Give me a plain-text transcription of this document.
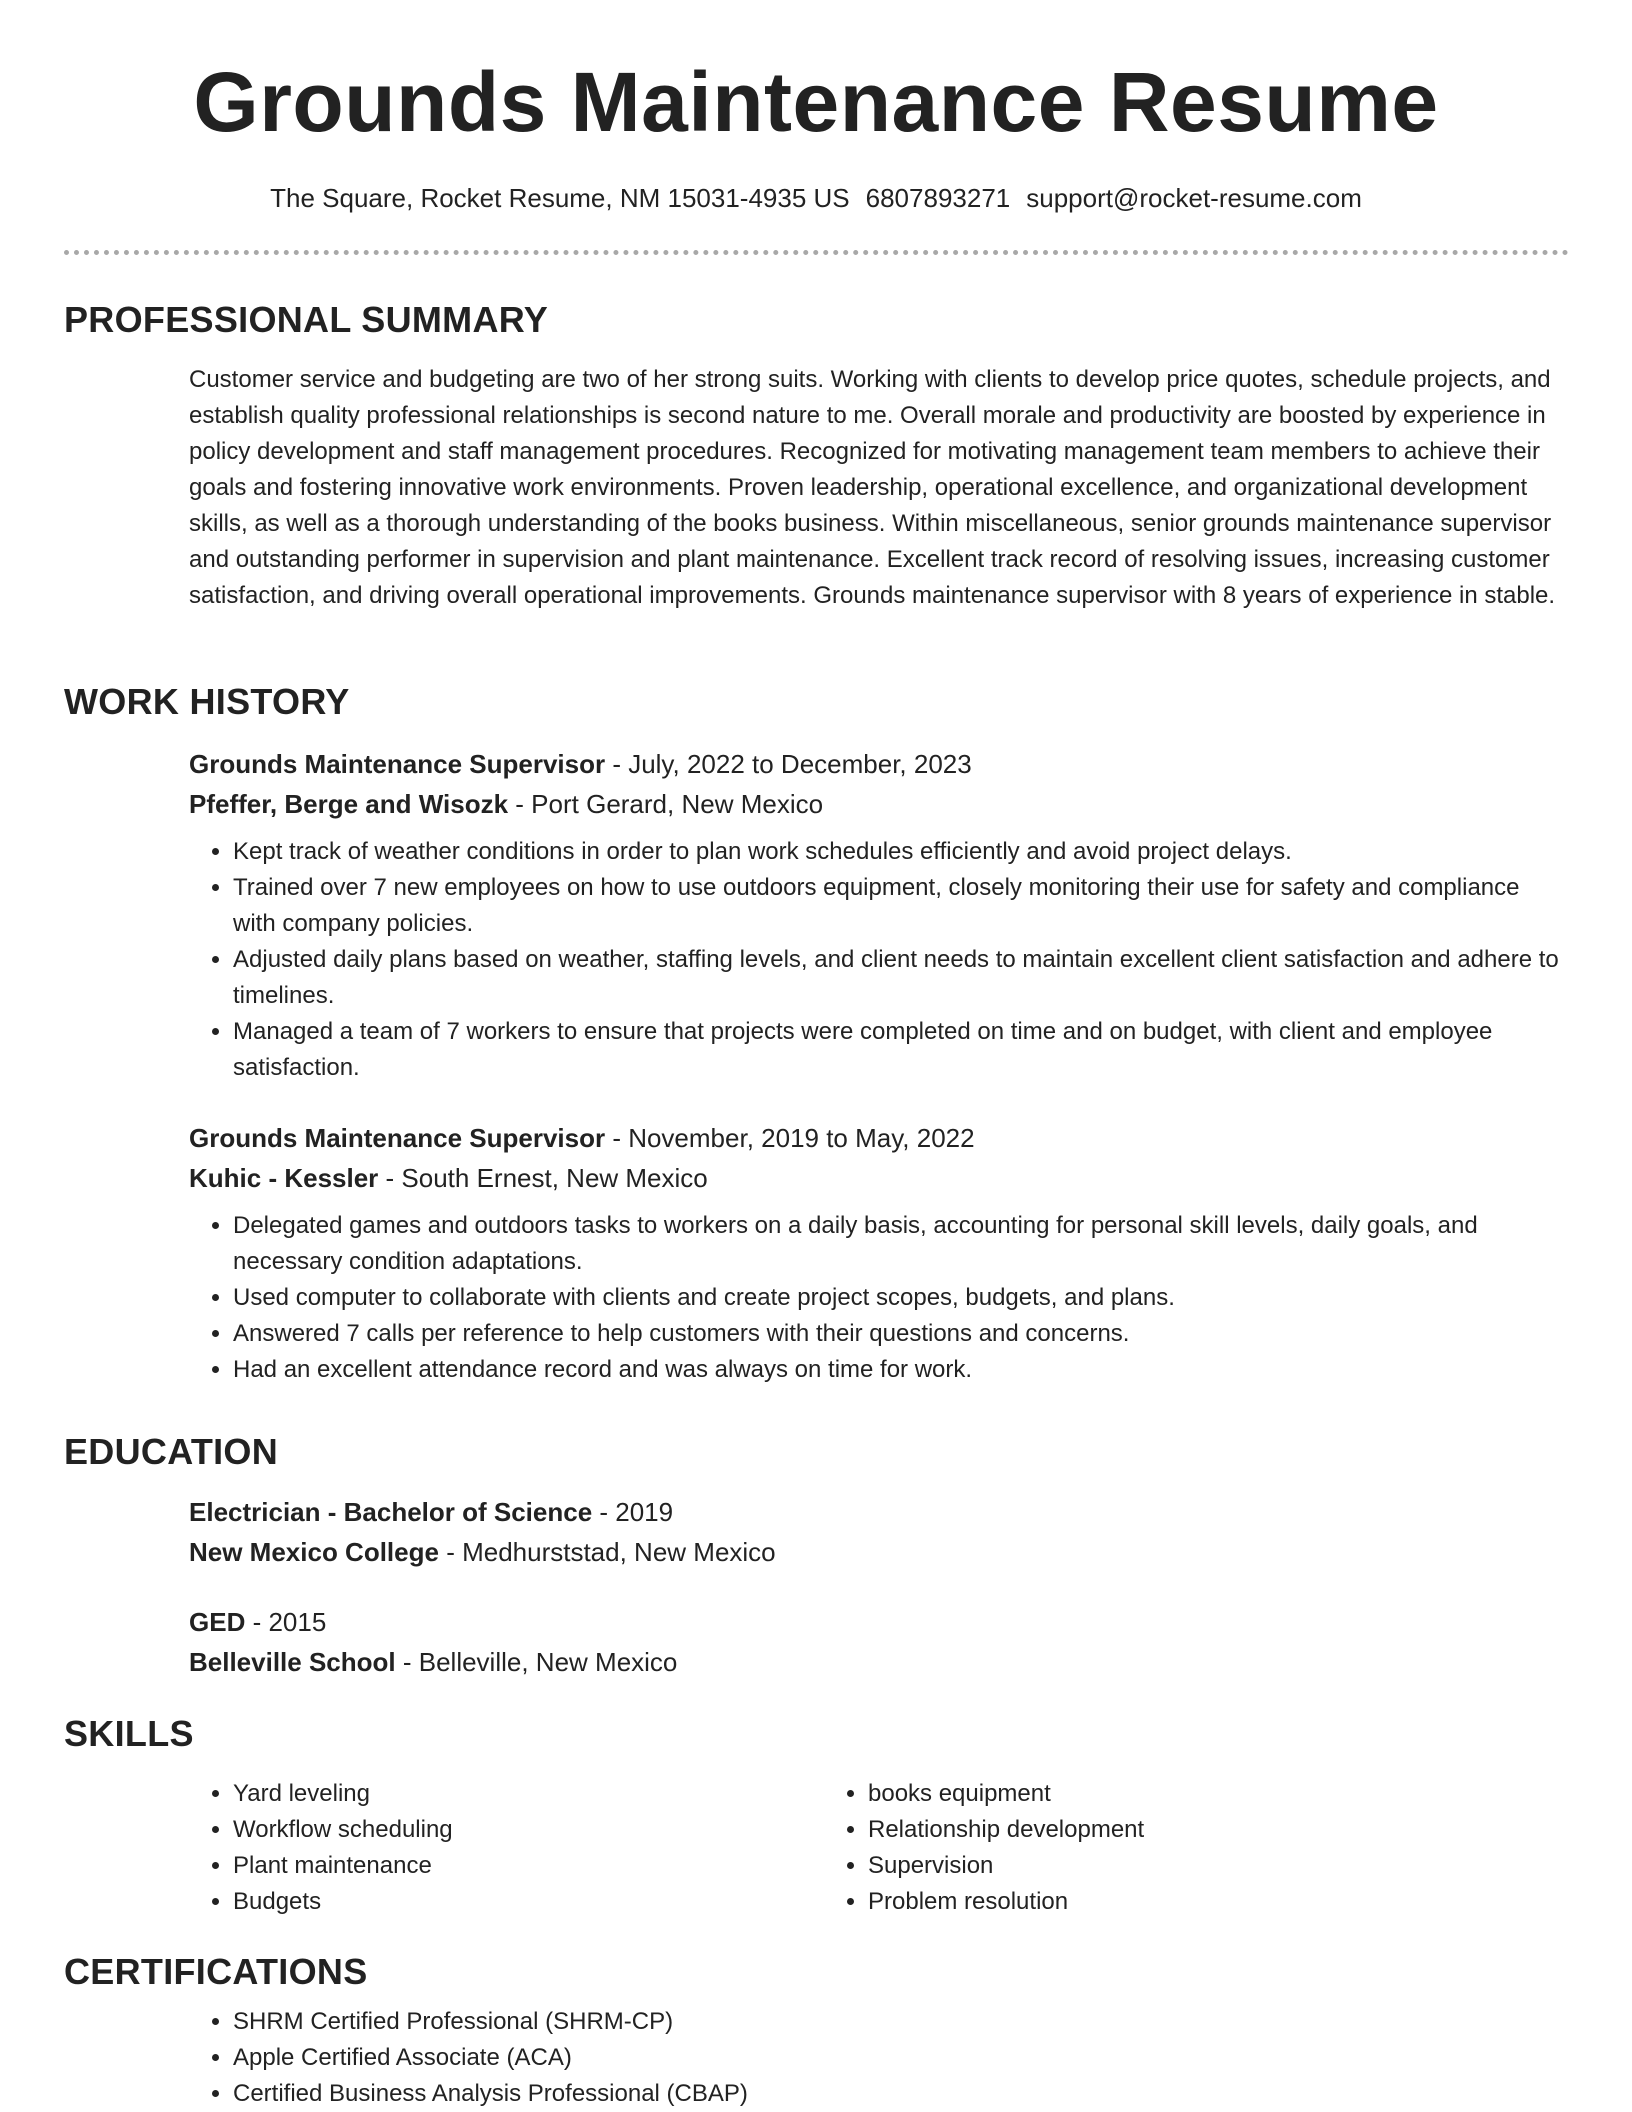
Grounds Maintenance Resume
The Square, Rocket Resume, NM 15031-4935 US 6807893271 support@rocket-resume.com
PROFESSIONAL SUMMARY
Customer service and budgeting are two of her strong suits. Working with clients to develop price quotes, schedule projects, and establish quality professional relationships is second nature to me. Overall morale and productivity are boosted by experience in policy development and staff management procedures. Recognized for motivating management team members to achieve their goals and fostering innovative work environments. Proven leadership, operational excellence, and organizational development skills, as well as a thorough understanding of the books business. Within miscellaneous, senior grounds maintenance supervisor and outstanding performer in supervision and plant maintenance. Excellent track record of resolving issues, increasing customer satisfaction, and driving overall operational improvements. Grounds maintenance supervisor with 8 years of experience in stable.
WORK HISTORY
Grounds Maintenance Supervisor - July, 2022 to December, 2023
Pfeffer, Berge and Wisozk - Port Gerard, New Mexico
• Kept track of weather conditions in order to plan work schedules efficiently and avoid project delays.
• Trained over 7 new employees on how to use outdoors equipment, closely monitoring their use for safety and compliance with company policies.
• Adjusted daily plans based on weather, staffing levels, and client needs to maintain excellent client satisfaction and adhere to timelines.
• Managed a team of 7 workers to ensure that projects were completed on time and on budget, with client and employee satisfaction.
Grounds Maintenance Supervisor - November, 2019 to May, 2022
Kuhic - Kessler - South Ernest, New Mexico
• Delegated games and outdoors tasks to workers on a daily basis, accounting for personal skill levels, daily goals, and necessary condition adaptations.
• Used computer to collaborate with clients and create project scopes, budgets, and plans.
• Answered 7 calls per reference to help customers with their questions and concerns.
• Had an excellent attendance record and was always on time for work.
EDUCATION
Electrician - Bachelor of Science - 2019
New Mexico College - Medhurststad, New Mexico
GED - 2015
Belleville School - Belleville, New Mexico
SKILLS
• Yard leveling
• Workflow scheduling
• Plant maintenance
• Budgets
• books equipment
• Relationship development
• Supervision
• Problem resolution
CERTIFICATIONS
• SHRM Certified Professional (SHRM-CP)
• Apple Certified Associate (ACA)
• Certified Business Analysis Professional (CBAP)
